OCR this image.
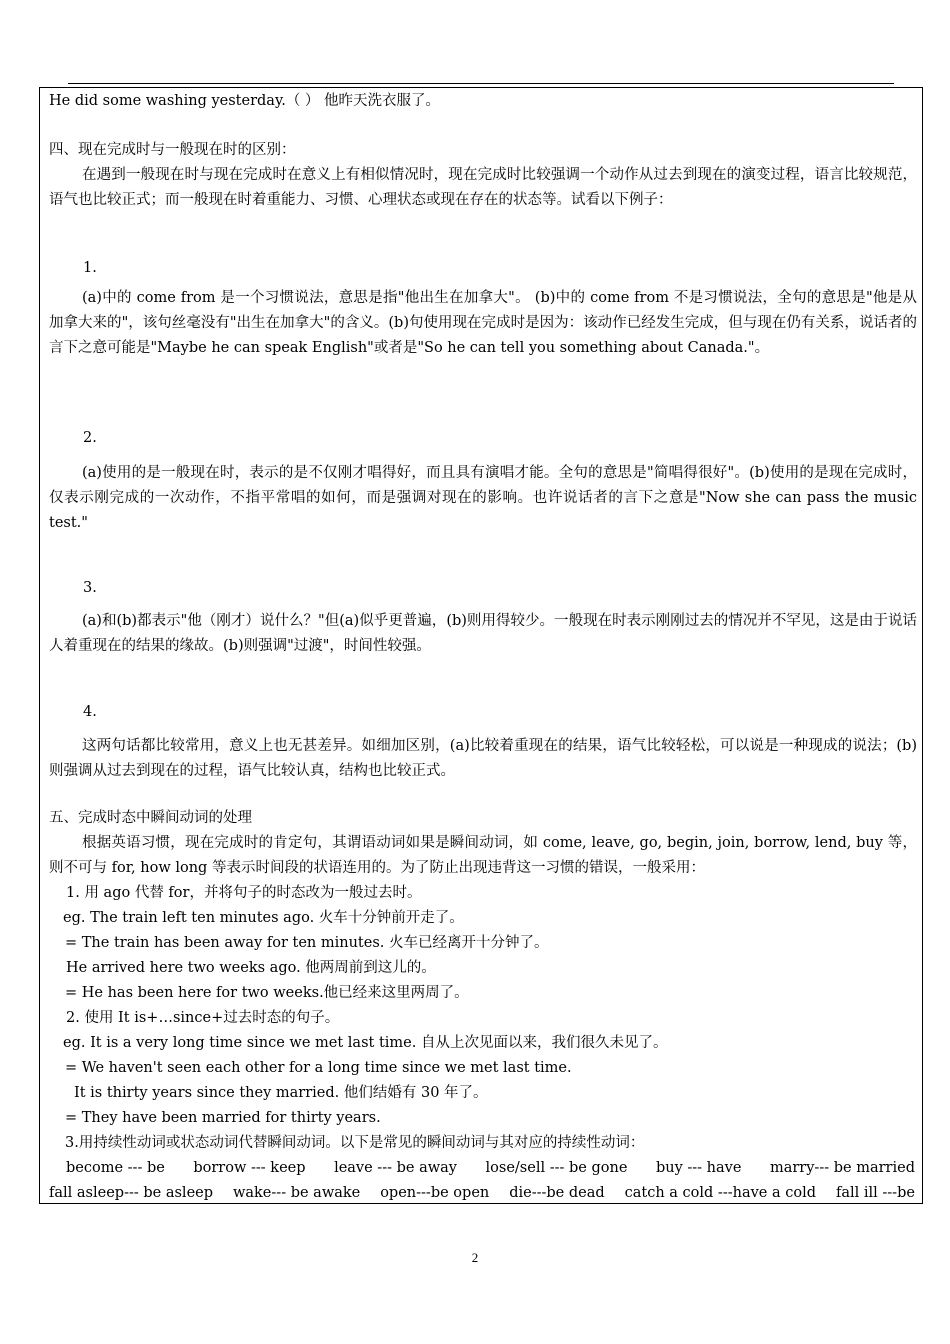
He did some washing yesterday.（ ） 他昨天洗衣服了。

四、现在完成时与一般现在时的区别：

在遇到一般现在时与现在完成时在意义上有相似情况时，现在完成时比较强调一个动作从过去到现在的演变过程，语言比较规范，语气也比较正式；而一般现在时着重能力、习惯、心理状态或现在存在的状态等。试看以下例子：

1.

(a)中的 come from 是一个习惯说法，意思是指"他出生在加拿大"。 (b)中的 come from 不是习惯说法，全句的意思是"他是从加拿大来的"，该句丝毫没有"出生在加拿大"的含义。(b)句使用现在完成时是因为：该动作已经发生完成，但与现在仍有关系，说话者的言下之意可能是"Maybe he can speak English"或者是"So he can tell you something about Canada."。

2.

(a)使用的是一般现在时，表示的是不仅刚才唱得好，而且具有演唱才能。全句的意思是"简唱得很好"。(b)使用的是现在完成时，仅表示刚完成的一次动作，不指平常唱的如何，而是强调对现在的影响。也许说话者的言下之意是"Now she can pass the music test."

3.

(a)和(b)都表示"他（刚才）说什么？"但(a)似乎更普遍，(b)则用得较少。一般现在时表示刚刚过去的情况并不罕见，这是由于说话人着重现在的结果的缘故。(b)则强调"过渡"，时间性较强。

4.

这两句话都比较常用，意义上也无甚差异。如细加区别，(a)比较着重现在的结果，语气比较轻松，可以说是一种现成的说法；(b)则强调从过去到现在的过程，语气比较认真，结构也比较正式。

五、完成时态中瞬间动词的处理

根据英语习惯，现在完成时的肯定句，其谓语动词如果是瞬间动词，如 come, leave, go, begin, join, borrow, lend, buy 等，则不可与 for, how long 等表示时间段的状语连用的。为了防止出现违背这一习惯的错误，一般采用：

1. 用 ago 代替 for，并将句子的时态改为一般过去时。

eg. The train left ten minutes ago. 火车十分钟前开走了。

= The train has been away for ten minutes. 火车已经离开十分钟了。

He arrived here two weeks ago. 他两周前到这儿的。

= He has been here for two weeks.他已经来这里两周了。

2. 使用 It is+…since+过去时态的句子。

eg. It is a very long time since we met last time. 自从上次见面以来，我们很久未见了。

= We haven't seen each other for a long time since we met last time.

It is thirty years since they married. 他们结婚有 30 年了。

= They have been married for thirty years.

3.用持续性动词或状态动词代替瞬间动词。以下是常见的瞬间动词与其对应的持续性动词：

become --- be borrow --- keep leave --- be away lose/sell --- be gone buy --- have marry--- be married
fall asleep--- be asleep wake--- be awake open---be open die---be dead catch a cold ---have a cold fall ill ---be
2
